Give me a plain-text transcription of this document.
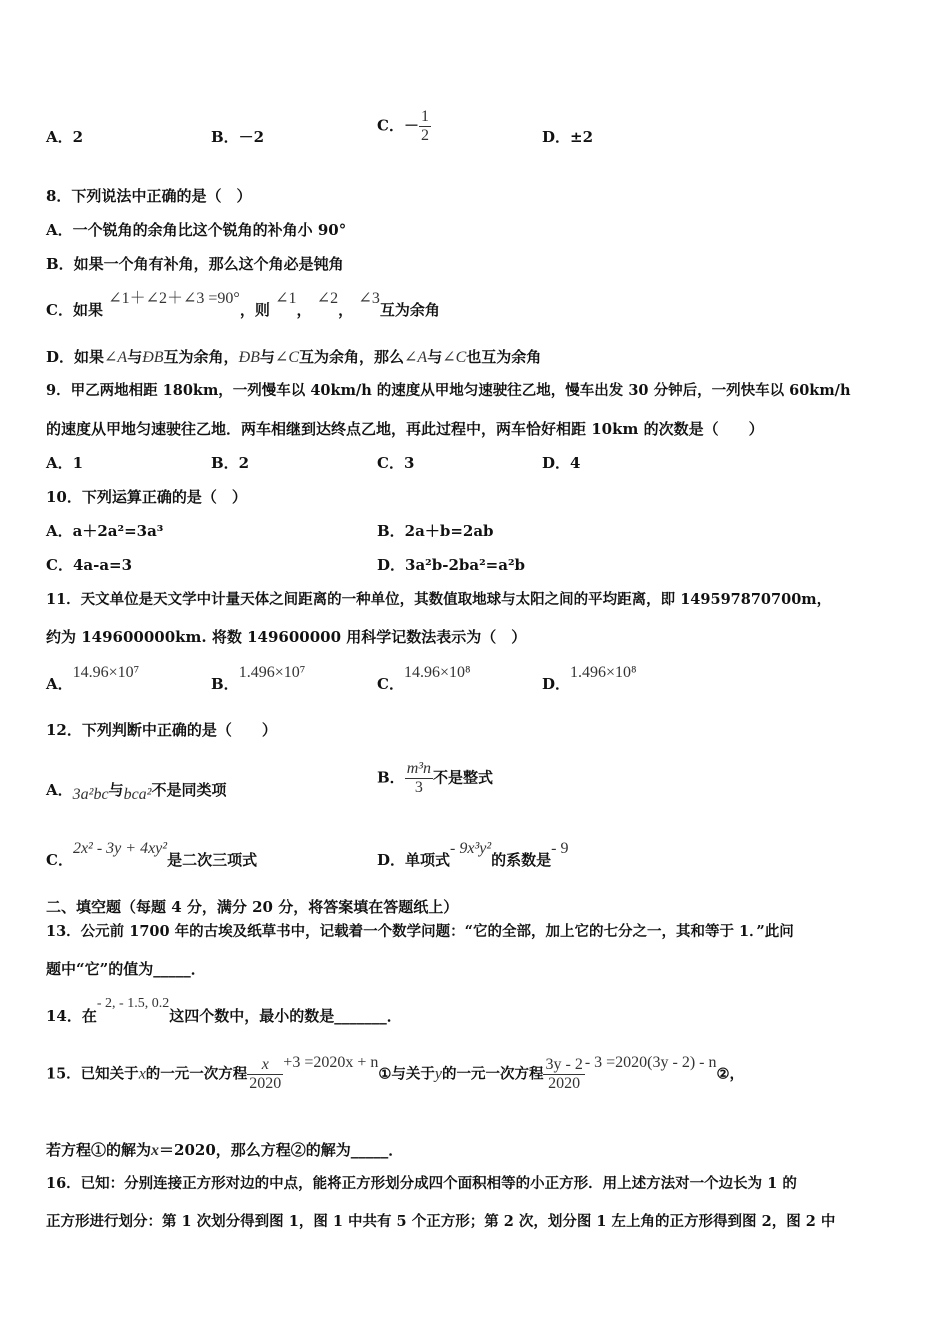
A．2	B．－2
C．－ $\frac{1}{2}$	D．±2
8．下列说法中正确的是（　）
A．一个锐角的余角比这个锐角的补角小 90°
B．如果一个角有补角，那么这个角必是钝角
C．如果 ∠1＋∠2＋∠3 =90°，则 ∠1， ∠2， ∠3互为余角
D．如果∠A与ÐB互为余角，ÐB与∠C互为余角，那么∠A与∠C也互为余角
9．甲乙两地相距 180km，一列慢车以 40km/h 的速度从甲地匀速驶往乙地，慢车出发 30 分钟后，一列快车以 60km/h
的速度从甲地匀速驶往乙地．两车相继到达终点乙地，再此过程中，两车恰好相距 10km 的次数是（　　）
A．1	B．2	C．3	D．4
10．下列运算正确的是（　）
A．a＋2a²=3a³	B．2a＋b=2ab
C．4a-a=3	D．3a²b-2ba²=a²b
11．天文单位是天文学中计量天体之间距离的一种单位，其数值取地球与太阳之间的平均距离，即 149597870700m，
约为 149600000km. 将数 149600000 用科学记数法表示为（　）
A．14.96×10⁷
B．1.496×10⁷
C．14.96×10⁸
D．1.496×10⁸
12．下列判断中正确的是（　　）
A．3a²bc与bca²不是同类项
B． $\frac{\text{m³n}}{3}$ 不是整式
C．2x² - 3y + 4xy²是二次三项式	D．单项式- 9x³y²的系数是- 9
二、填空题（每题 4 分，满分 20 分，将答案填在答题纸上）
13．公元前 1700 年的古埃及纸草书中，记载着一个数学问题：“它的全部，加上它的七分之一，其和等于 1．”此问
题中“它”的值为_____．
14．在- 2, - 1.5, 0.2这四个数中，最小的数是_______．
15．已知关于x的一元一次方程 $\frac{x}{2020} +3 =2020x$ + n①与关于y的一元一次方程 $\frac{3y - 2}{2020} - 3 =2020(3y - 2)$ - n②，
若方程①的解为x＝2020，那么方程②的解为_____．
16．已知：分别连接正方形对边的中点，能将正方形划分成四个面积相等的小正方形．用上述方法对一个边长为 1 的
正方形进行划分：第 1 次划分得到图 1，图 1 中共有 5 个正方形；第 2 次，划分图 1 左上角的正方形得到图 2，图 2 中
